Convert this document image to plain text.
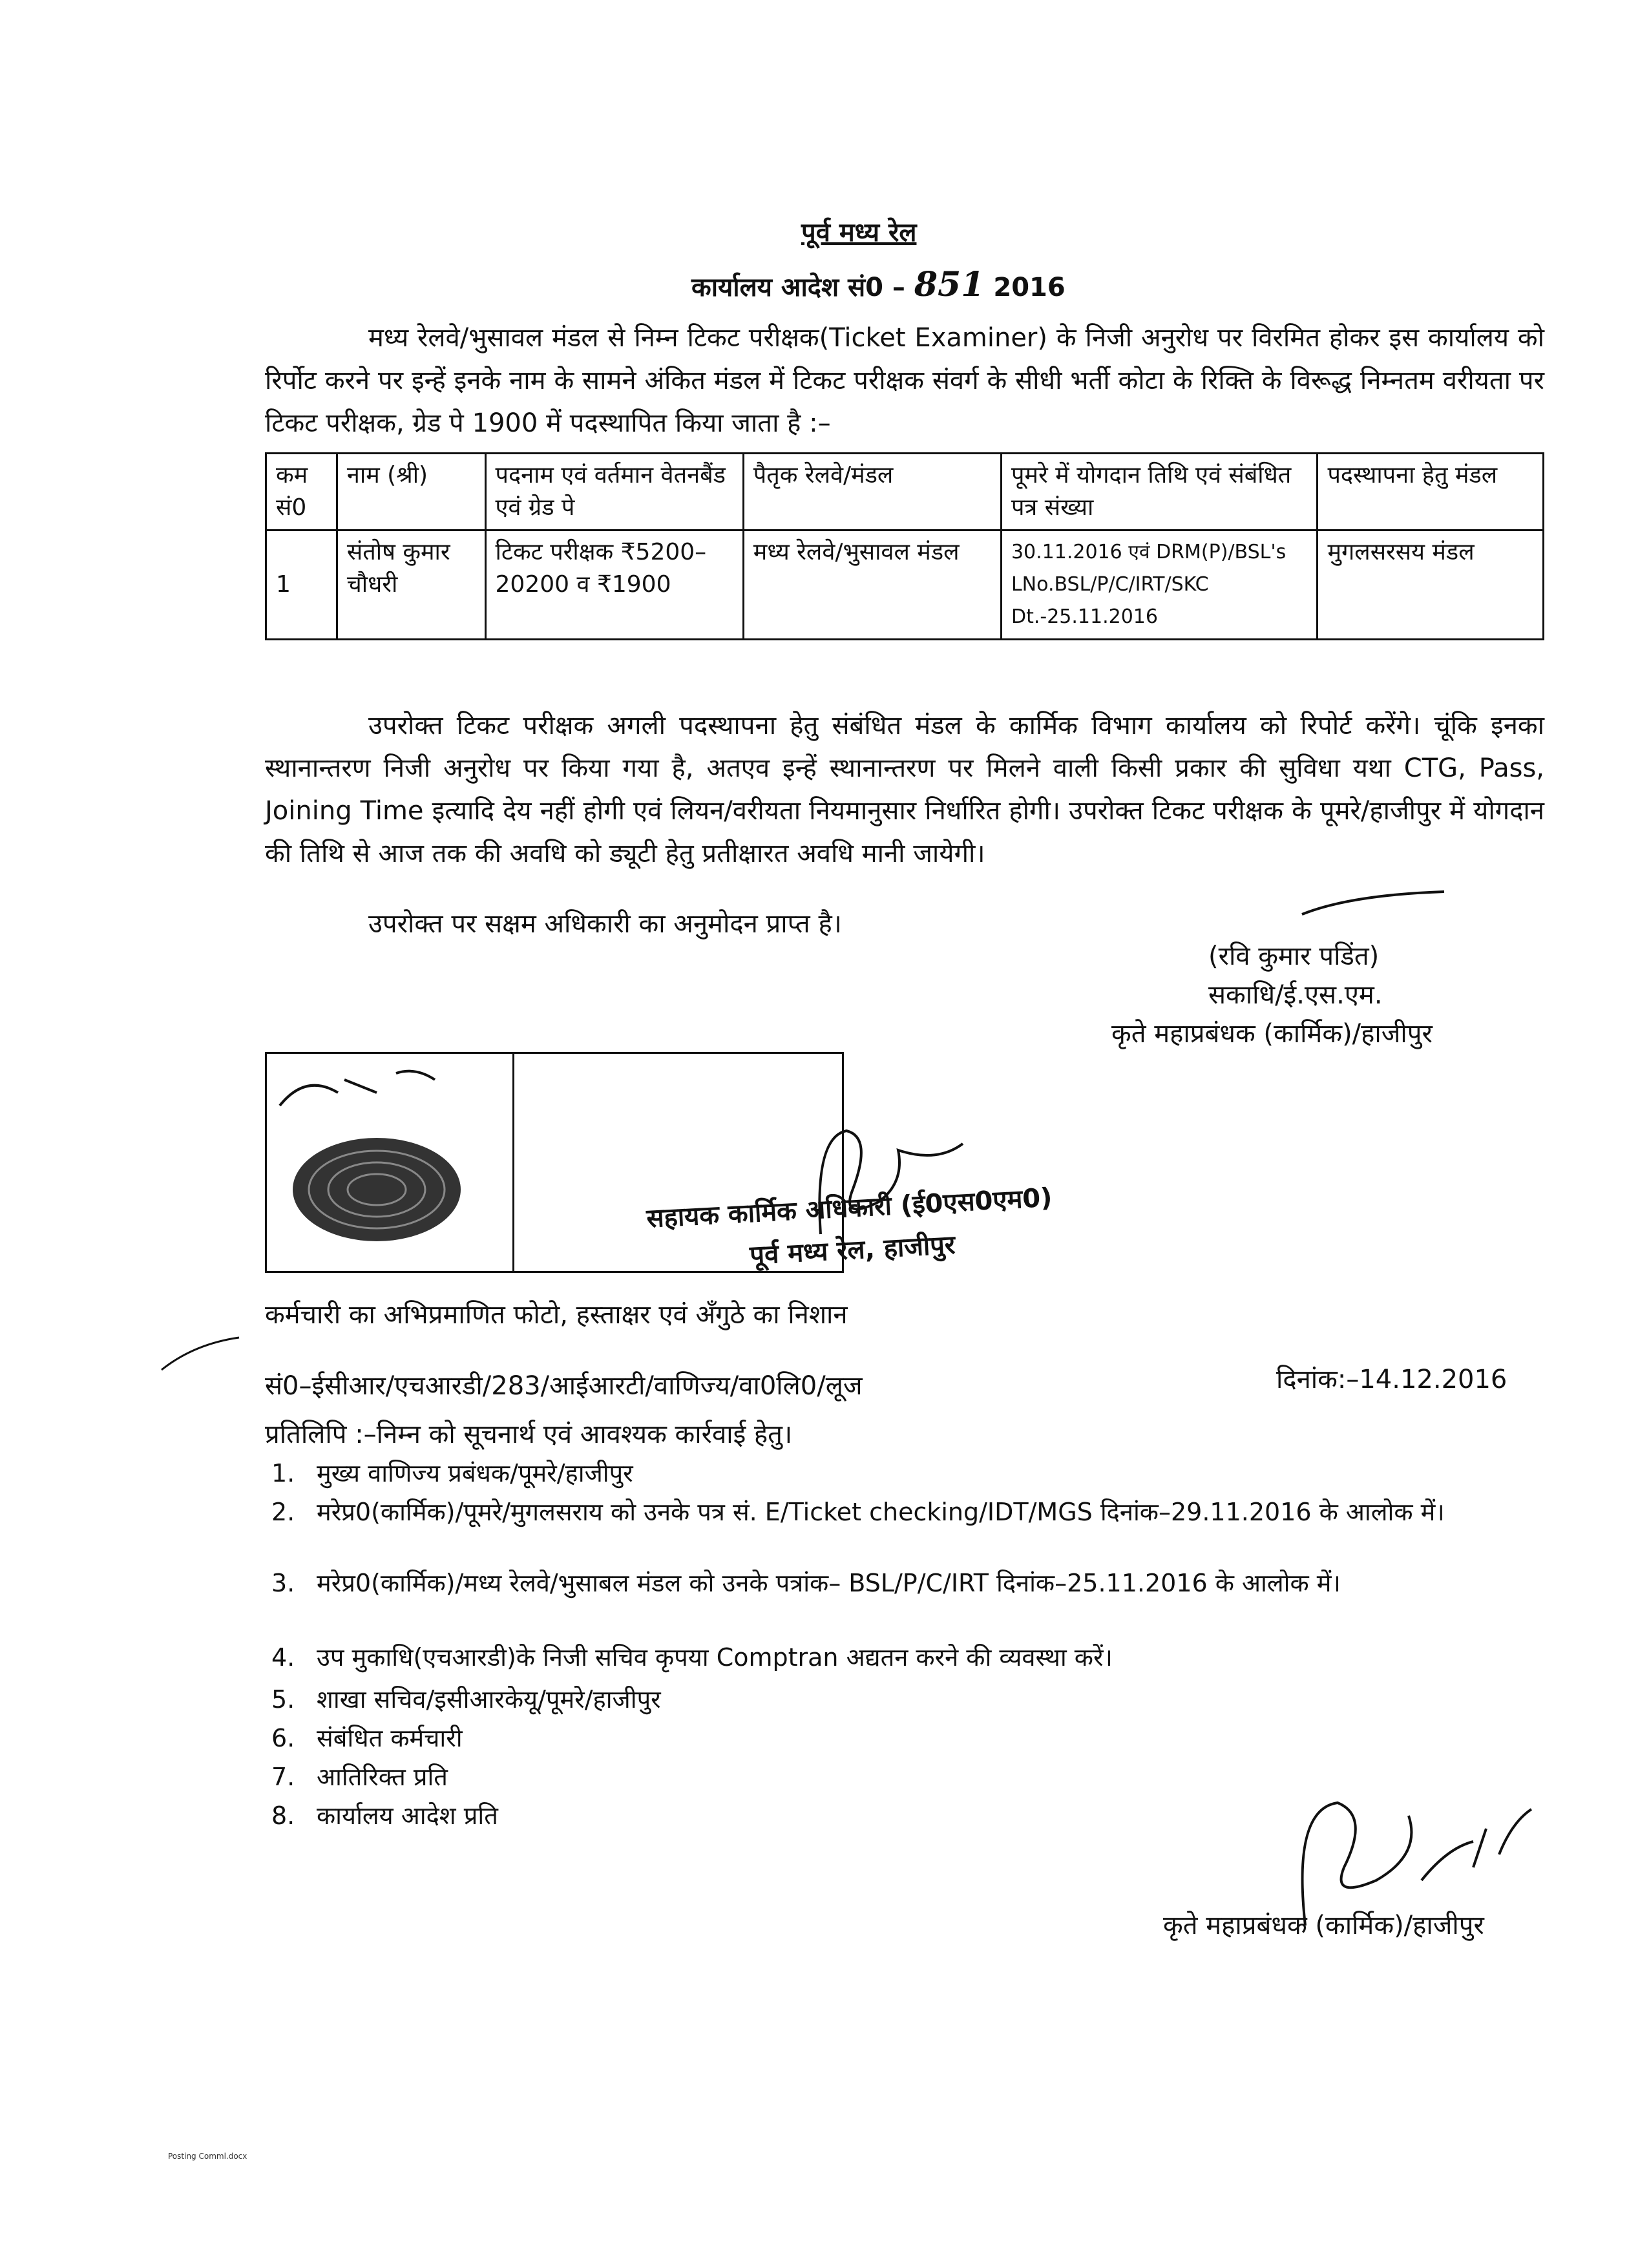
पूर्व मध्य रेल
कार्यालय आदेश सं0 – 851 2016
मध्य रेलवे/भुसावल मंडल से निम्न टिकट परीक्षक(Ticket Examiner) के निजी अनुरोध पर विरमित होकर इस कार्यालय को रिर्पोट करने पर इन्हें इनके नाम के सामने अंकित मंडल में टिकट परीक्षक संवर्ग के सीधी भर्ती कोटा के रिक्ति के विरूद्ध निम्नतम वरीयता पर टिकट परीक्षक, ग्रेड पे 1900 में पदस्थापित किया जाता है :–
कम सं0	नाम (श्री)	पदनाम एवं वर्तमान वेतनबैंड एवं ग्रेड पे	पैतृक रेलवे/मंडल	पूमरे में योगदान तिथि एवं संबंधित पत्र संख्या	पदस्थापना हेतु मंडल
1	संतोष कुमार चौधरी	टिकट परीक्षक ₹5200–20200 व ₹1900	मध्य रेलवे/भुसावल मंडल	30.11.2016 एवं DRM(P)/BSL's LNo.BSL/P/C/IRT/SKC Dt.-25.11.2016	मुगलसरसय मंडल
उपरोक्त टिकट परीक्षक अगली पदस्थापना हेतु संबंधित मंडल के कार्मिक विभाग कार्यालय को रिपोर्ट करेंगे। चूंकि इनका स्थानान्तरण निजी अनुरोध पर किया गया है, अतएव इन्हें स्थानान्तरण पर मिलने वाली किसी प्रकार की सुविधा यथा CTG, Pass, Joining Time इत्यादि देय नहीं होगी एवं लियन/वरीयता नियमानुसार निर्धारित होगी। उपरोक्त टिकट परीक्षक के पूमरे/हाजीपुर में योगदान की तिथि से आज तक की अवधि को ड्यूटी हेतु प्रतीक्षारत अवधि मानी जायेगी।
उपरोक्त पर सक्षम अधिकारी का अनुमोदन प्राप्त है।
(रवि कुमार पडिंत)
सकाधि/ई.एस.एम.
कृते महाप्रबंधक (कार्मिक)/हाजीपुर
सहायक कार्मिक अधिकारी (ई0एस0एम0)
पूर्व मध्य रेल, हाजीपुर
कर्मचारी का अभिप्रमाणित फोटो, हस्ताक्षर एवं अँगुठे का निशान
सं0–ईसीआर/एचआरडी/283/आईआरटी/वाणिज्य/वा0लि0/लूज	दिनांक:–14.12.2016
प्रतिलिपि :–निम्न को सूचनार्थ एवं आवश्यक कार्रवाई हेतु।
1. मुख्य वाणिज्य प्रबंधक/पूमरे/हाजीपुर
2. मरेप्र0(कार्मिक)/पूमरे/मुगलसराय को उनके पत्र सं. E/Ticket checking/IDT/MGS दिनांक–29.11.2016 के आलोक में।
3. मरेप्र0(कार्मिक)/मध्य रेलवे/भुसाबल मंडल को उनके पत्रांक– BSL/P/C/IRT दिनांक–25.11.2016 के आलोक में।
4. उप मुकाधि(एचआरडी)के निजी सचिव कृपया Comptran अद्यतन करने की व्यवस्था करें।
5. शाखा सचिव/इसीआरकेयू/पूमरे/हाजीपुर
6. संबंधित कर्मचारी
7. आतिरिक्त प्रति
8. कार्यालय आदेश प्रति
कृते महाप्रबंधक (कार्मिक)/हाजीपुर
Posting Comml.docx
